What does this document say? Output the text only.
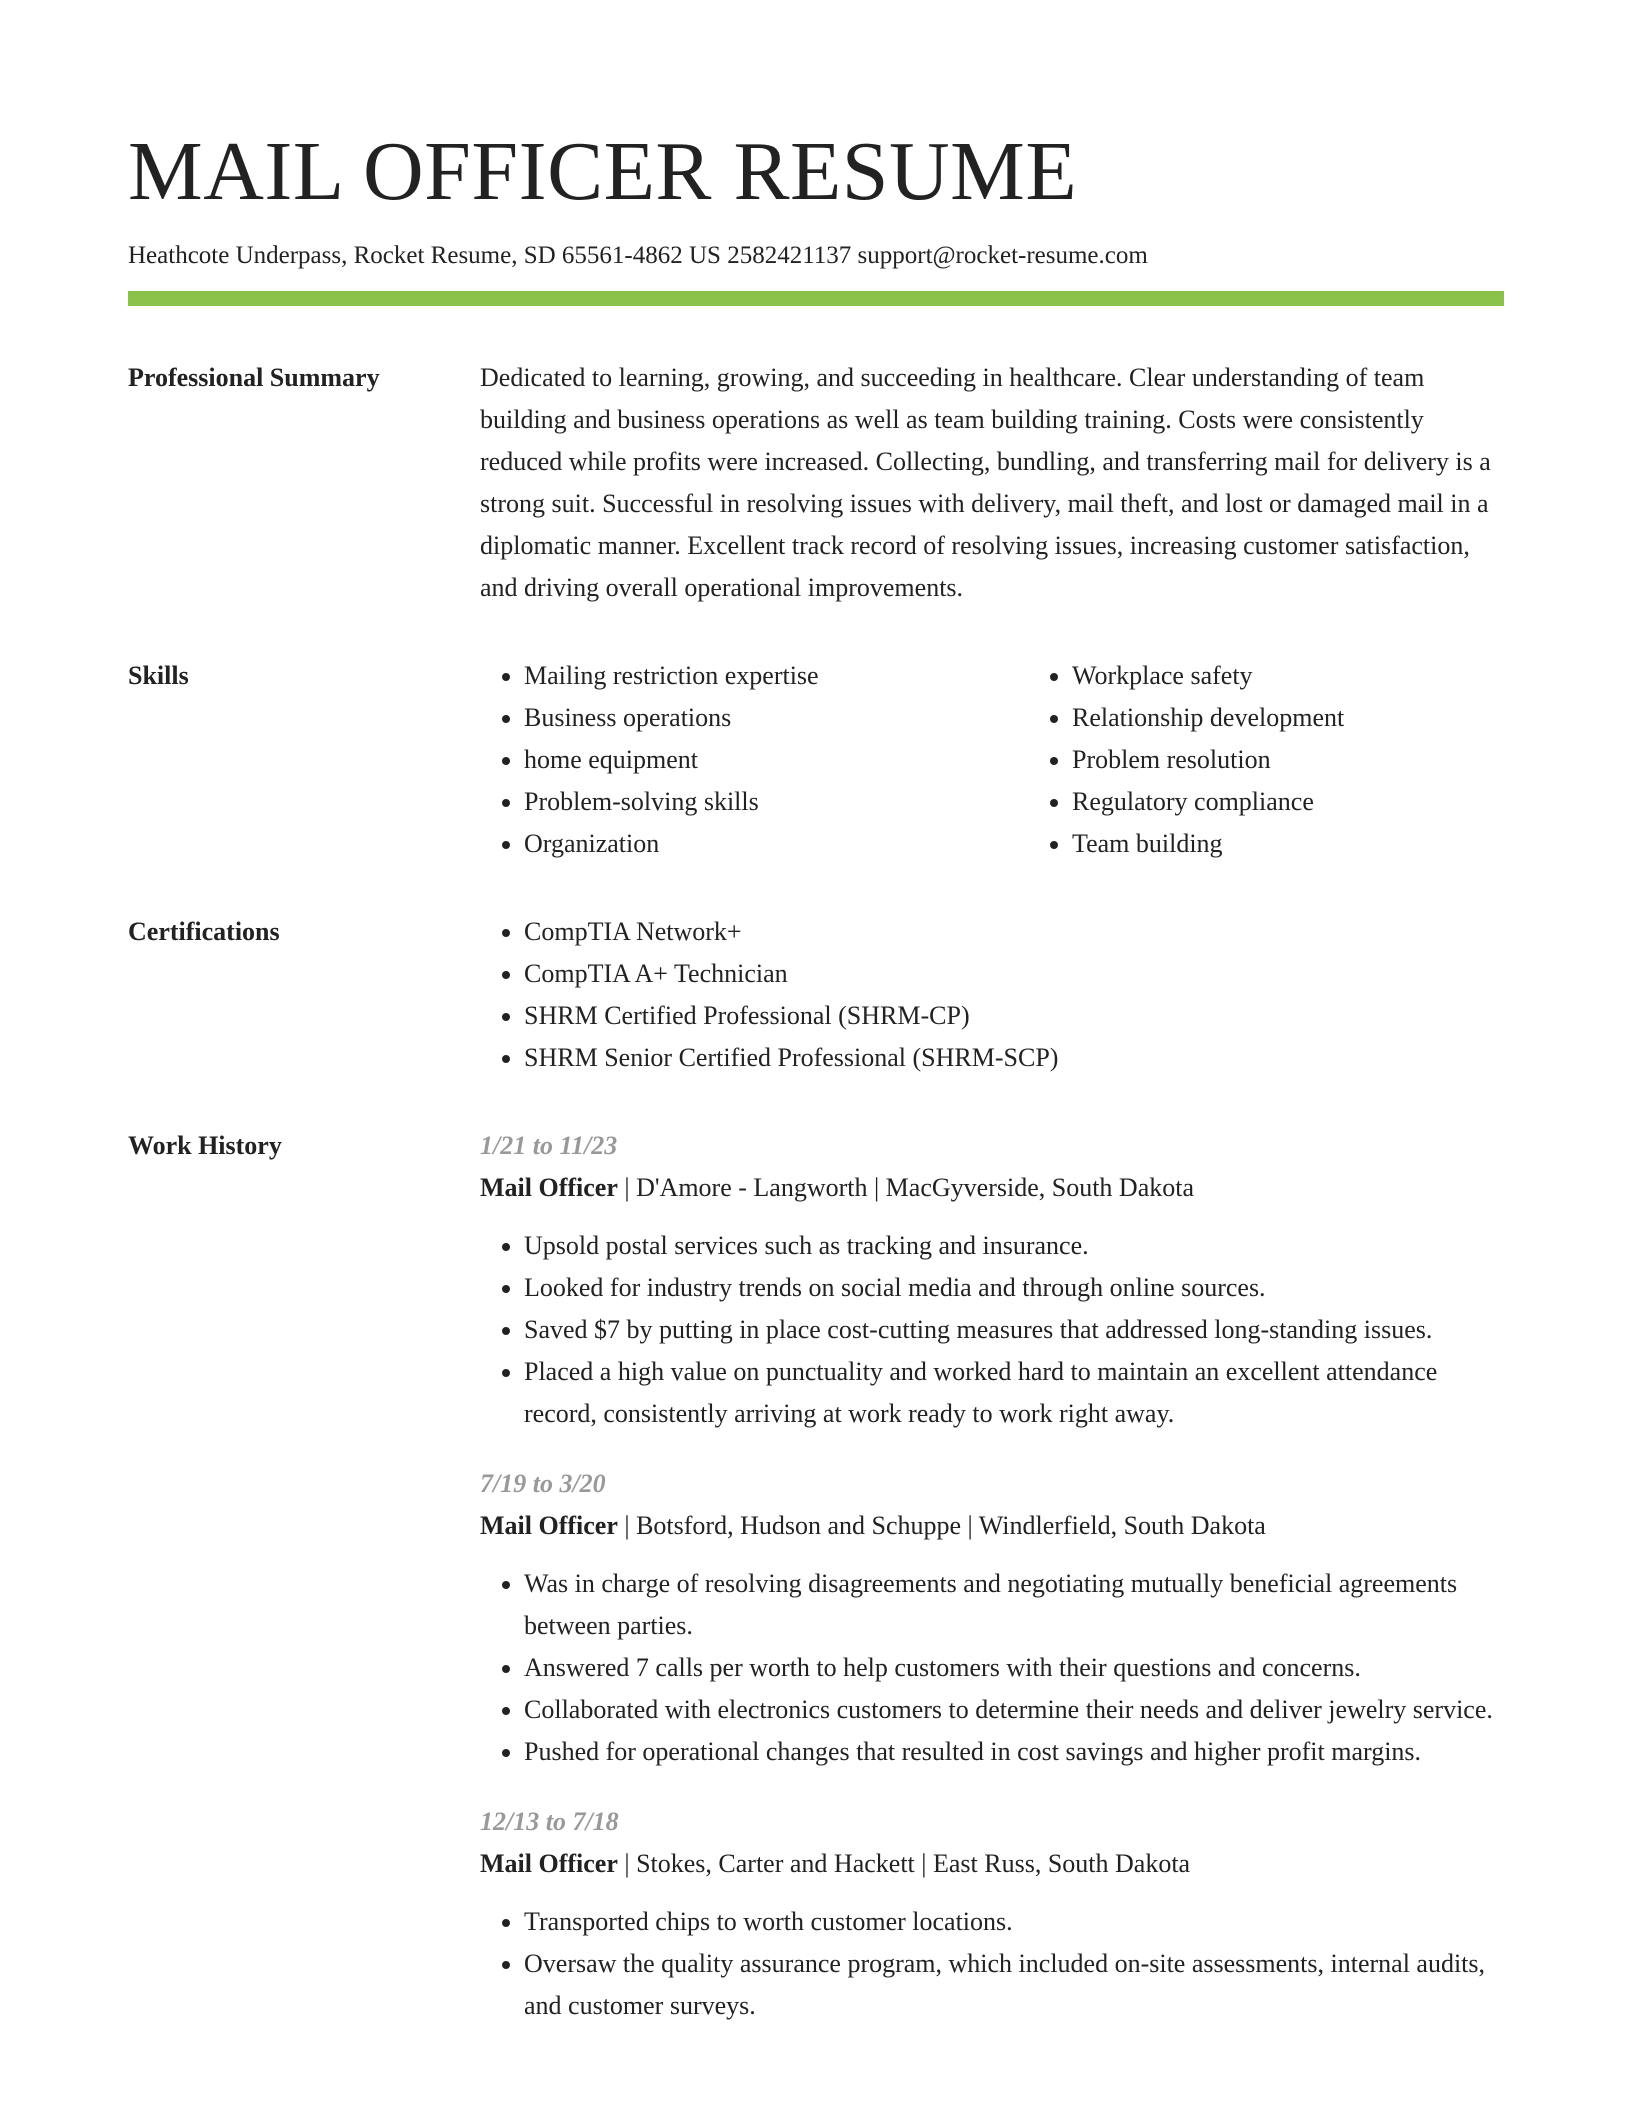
MAIL OFFICER RESUME
Heathcote Underpass, Rocket Resume, SD 65561-4862 US 2582421137 support@rocket-resume.com
Professional Summary	Dedicated to learning, growing, and succeeding in healthcare. Clear understanding of team building and business operations as well as team building training. Costs were consistently reduced while profits were increased. Collecting, bundling, and transferring mail for delivery is a strong suit. Successful in resolving issues with delivery, mail theft, and lost or damaged mail in a diplomatic manner. Excellent track record of resolving issues, increasing customer satisfaction, and driving overall operational improvements.

Skills	• Mailing restriction expertise
• Business operations
• home equipment
• Problem-solving skills
• Organization
• Workplace safety
• Relationship development
• Problem resolution
• Regulatory compliance
• Team building
Certifications	• CompTIA Network+
• CompTIA A+ Technician
• SHRM Certified Professional (SHRM-CP)
• SHRM Senior Certified Professional (SHRM-SCP)
Work History	1/21 to 11/23
Mail Officer | D'Amore - Langworth | MacGyverside, South Dakota
• Upsold postal services such as tracking and insurance.
• Looked for industry trends on social media and through online sources.
• Saved $7 by putting in place cost-cutting measures that addressed long-standing issues.
• Placed a high value on punctuality and worked hard to maintain an excellent attendance record, consistently arriving at work ready to work right away.
7/19 to 3/20
Mail Officer | Botsford, Hudson and Schuppe | Windlerfield, South Dakota
• Was in charge of resolving disagreements and negotiating mutually beneficial agreements between parties.
• Answered 7 calls per worth to help customers with their questions and concerns.
• Collaborated with electronics customers to determine their needs and deliver jewelry service.
• Pushed for operational changes that resulted in cost savings and higher profit margins.
12/13 to 7/18
Mail Officer | Stokes, Carter and Hackett | East Russ, South Dakota
• Transported chips to worth customer locations.
• Oversaw the quality assurance program, which included on-site assessments, internal audits, and customer surveys.
